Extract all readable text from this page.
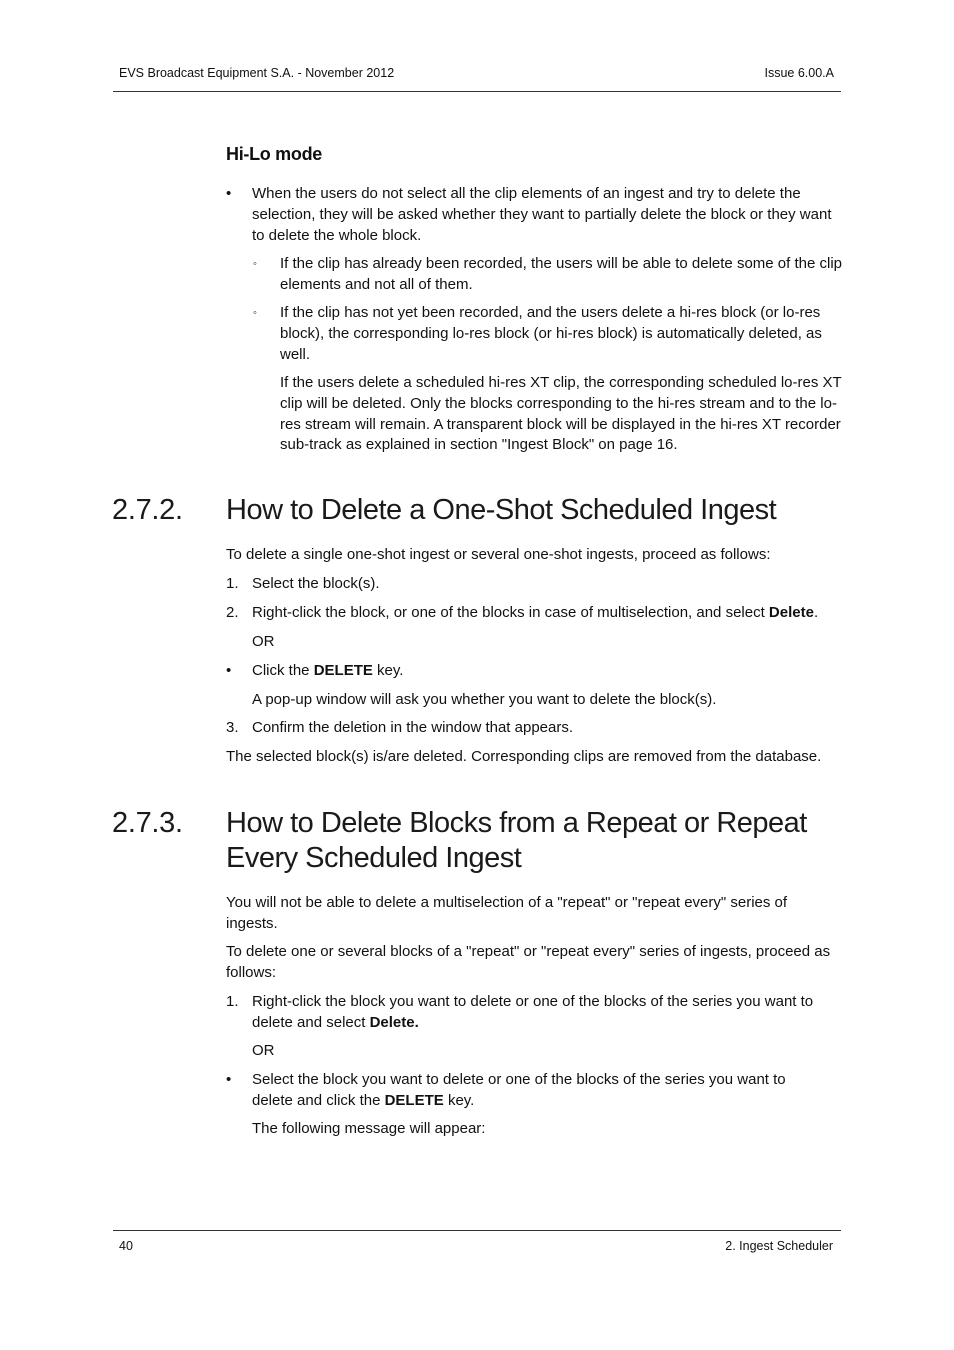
EVS Broadcast Equipment S.A. - November 2012	Issue 6.00.A
Hi-Lo mode
• When the users do not select all the clip elements of an ingest and try to delete the selection, they will be asked whether they want to partially delete the block or they want to delete the whole block.

◦ If the clip has already been recorded, the users will be able to delete some of the clip elements and not all of them.

◦ If the clip has not yet been recorded, and the users delete a hi-res block (or lo-res block), the corresponding lo-res block (or hi-res block) is automatically deleted, as well.

If the users delete a scheduled hi-res XT clip, the corresponding scheduled lo-res XT clip will be deleted. Only the blocks corresponding to the hi-res stream and to the lo-res stream will remain. A transparent block will be displayed in the hi-res XT recorder sub-track as explained in section "Ingest Block" on page 16.

2.7.2. How to Delete a One-Shot Scheduled Ingest

To delete a single one-shot ingest or several one-shot ingests, proceed as follows:

1. Select the block(s).

2. Right-click the block, or one of the blocks in case of multiselection, and select Delete.

OR

• Click the DELETE key.

A pop-up window will ask you whether you want to delete the block(s).

3. Confirm the deletion in the window that appears.

The selected block(s) is/are deleted. Corresponding clips are removed from the database.

2.7.3. How to Delete Blocks from a Repeat or Repeat
Every Scheduled Ingest

You will not be able to delete a multiselection of a "repeat" or "repeat every" series of ingests.

To delete one or several blocks of a "repeat" or "repeat every" series of ingests, proceed as follows:

1. Right-click the block you want to delete or one of the blocks of the series you want to delete and select Delete.

OR

• Select the block you want to delete or one of the blocks of the series you want to delete and click the DELETE key.

The following message will appear:

40	2. Ingest Scheduler
